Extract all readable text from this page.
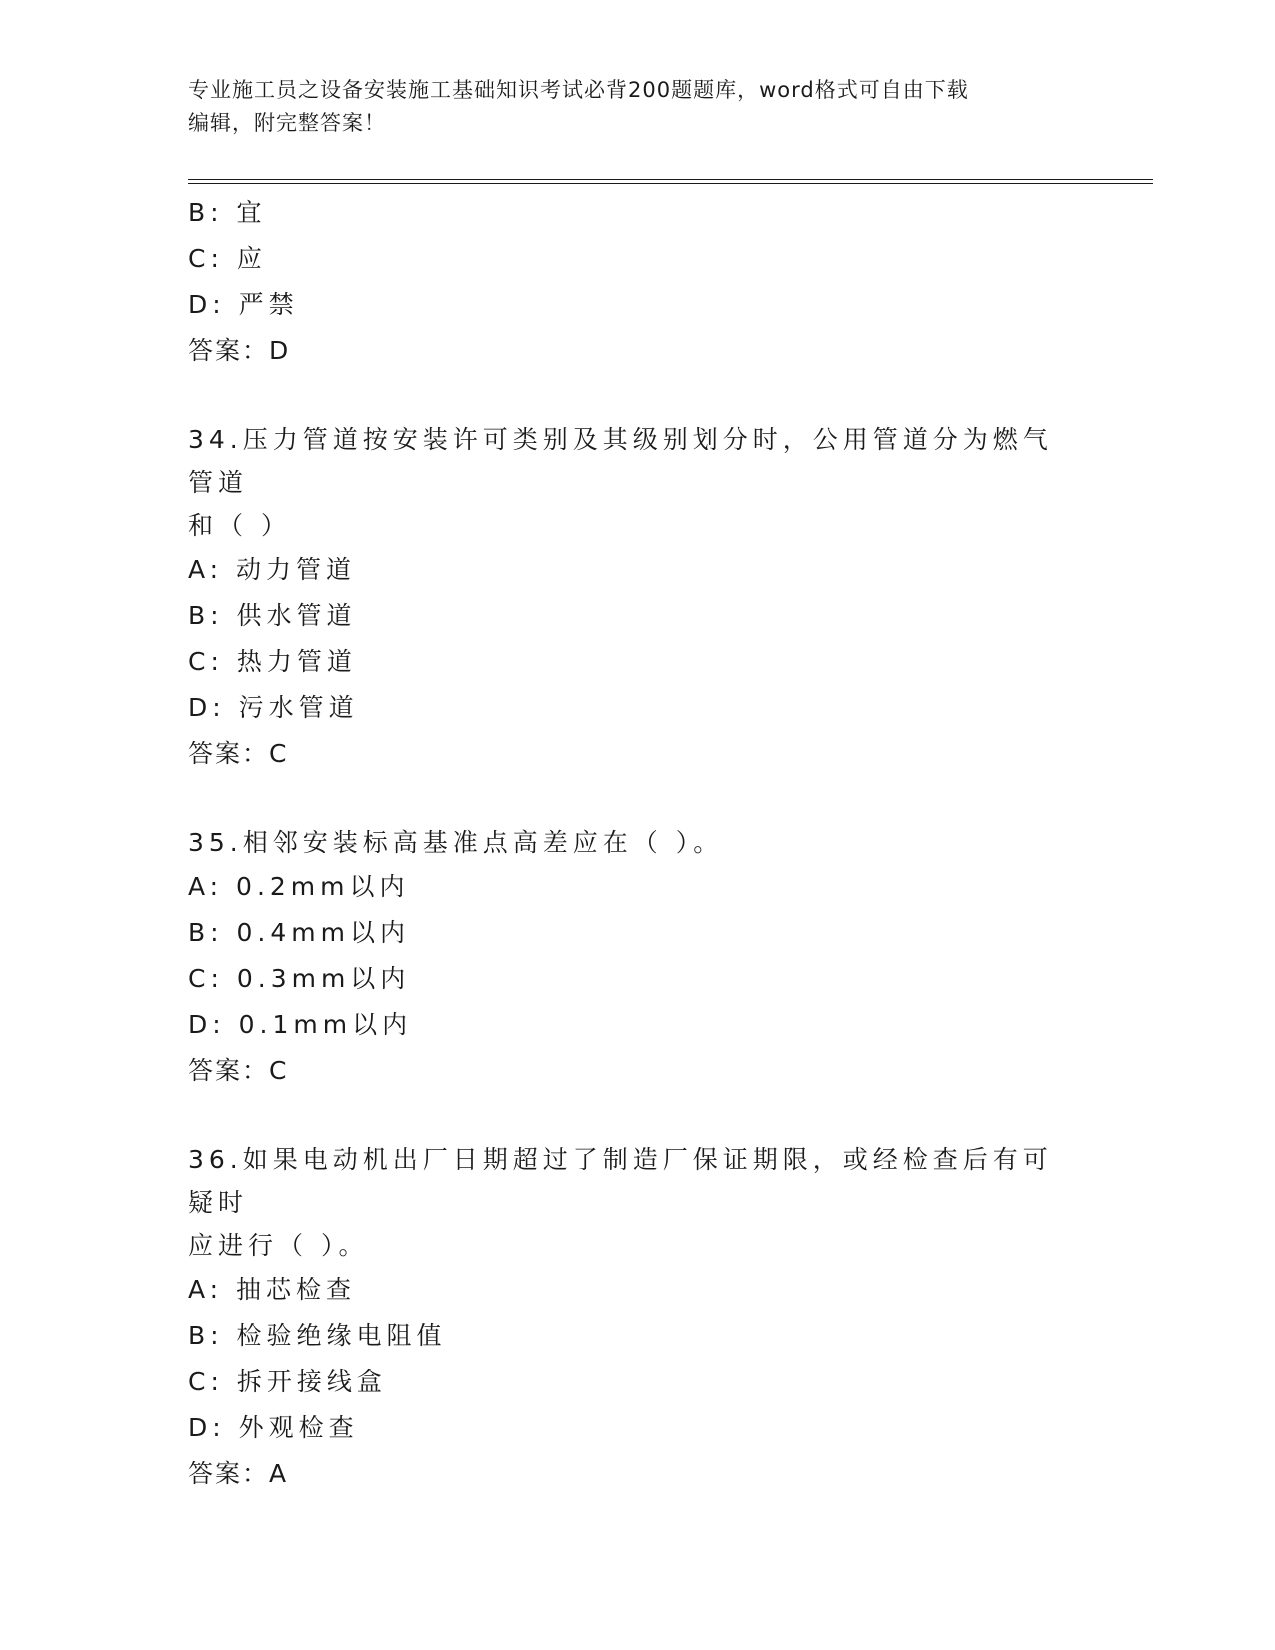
专业施工员之设备安装施工基础知识考试必背200题题库，word格式可自由下载
编辑，附完整答案！
B: 宜
C: 应
D: 严禁
答案：D
34.压力管道按安装许可类别及其级别划分时，公用管道分为燃气管道
和（ ）
A: 动力管道
B: 供水管道
C: 热力管道
D: 污水管道
答案：C
35.相邻安装标高基准点高差应在（ ）。
A: 0.2mm以内
B: 0.4mm以内
C: 0.3mm以内
D: 0.1mm以内
答案：C
36.如果电动机出厂日期超过了制造厂保证期限，或经检查后有可疑时
应进行（ ）。
A: 抽芯检查
B: 检验绝缘电阻值
C: 拆开接线盒
D: 外观检查
答案：A
